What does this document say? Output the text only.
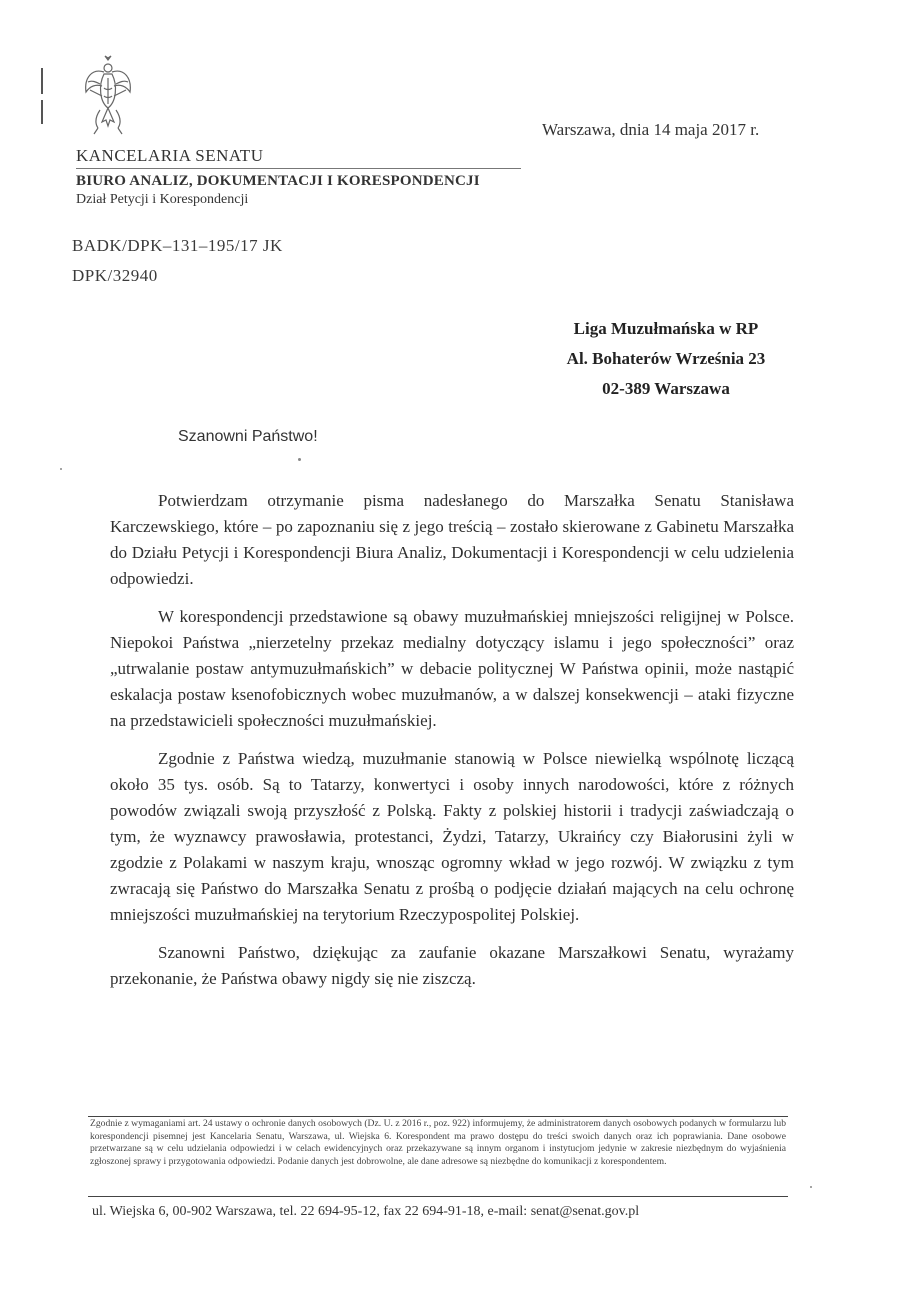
KANCELARIA SENATU
BIURO ANALIZ, DOKUMENTACJI I KORESPONDENCJI
Dział Petycji i Korespondencji
BADK/DPK–131–195/17 JK
DPK/32940
Warszawa, dnia 14 maja 2017 r.
Liga Muzułmańska w RP
Al. Bohaterów Września 23
02-389 Warszawa
Szanowni Państwo!

Potwierdzam otrzymanie pisma nadesłanego do Marszałka Senatu Stanisława Karczewskiego, które – po zapoznaniu się z jego treścią – zostało skierowane z Gabinetu Marszałka do Działu Petycji i Korespondencji Biura Analiz, Dokumentacji i Korespondencji w celu udzielenia odpowiedzi.

W korespondencji przedstawione są obawy muzułmańskiej mniejszości religijnej w Polsce. Niepokoi Państwa „nierzetelny przekaz medialny dotyczący islamu i jego społeczności” oraz „utrwalanie postaw antymuzułmańskich” w debacie politycznej W Państwa opinii, może nastąpić eskalacja postaw ksenofobicznych wobec muzułmanów, a w dalszej konsekwencji – ataki fizyczne na przedstawicieli społeczności muzułmańskiej.

Zgodnie z Państwa wiedzą, muzułmanie stanowią w Polsce niewielką wspólnotę liczącą około 35 tys. osób. Są to Tatarzy, konwertyci i osoby innych narodowości, które z różnych powodów związali swoją przyszłość z Polską. Fakty z polskiej historii i tradycji zaświadczają o tym, że wyznawcy prawosławia, protestanci, Żydzi, Tatarzy, Ukraińcy czy Białorusini żyli w zgodzie z Polakami w naszym kraju, wnosząc ogromny wkład w jego rozwój. W związku z tym zwracają się Państwo do Marszałka Senatu z prośbą o podjęcie działań mających na celu ochronę mniejszości muzułmańskiej na terytorium Rzeczypospolitej Polskiej.

Szanowni Państwo, dziękując za zaufanie okazane Marszałkowi Senatu, wyrażamy przekonanie, że Państwa obawy nigdy się nie ziszczą.

Zgodnie z wymaganiami art. 24 ustawy o ochronie danych osobowych (Dz. U. z 2016 r., poz. 922) informujemy, że administratorem danych osobowych podanych w formularzu lub korespondencji pisemnej jest Kancelaria Senatu, Warszawa, ul. Wiejska 6. Korespondent ma prawo dostępu do treści swoich danych oraz ich poprawiania. Dane osobowe przetwarzane są w celu udzielania odpowiedzi i w celach ewidencyjnych oraz przekazywane są innym organom i instytucjom jedynie w zakresie niezbędnym do wyjaśnienia zgłoszonej sprawy i przygotowania odpowiedzi. Podanie danych jest dobrowolne, ale dane adresowe są niezbędne do komunikacji z korespondentem.
ul. Wiejska 6, 00-902 Warszawa, tel. 22 694-95-12, fax 22 694-91-18, e-mail: senat@senat.gov.pl
